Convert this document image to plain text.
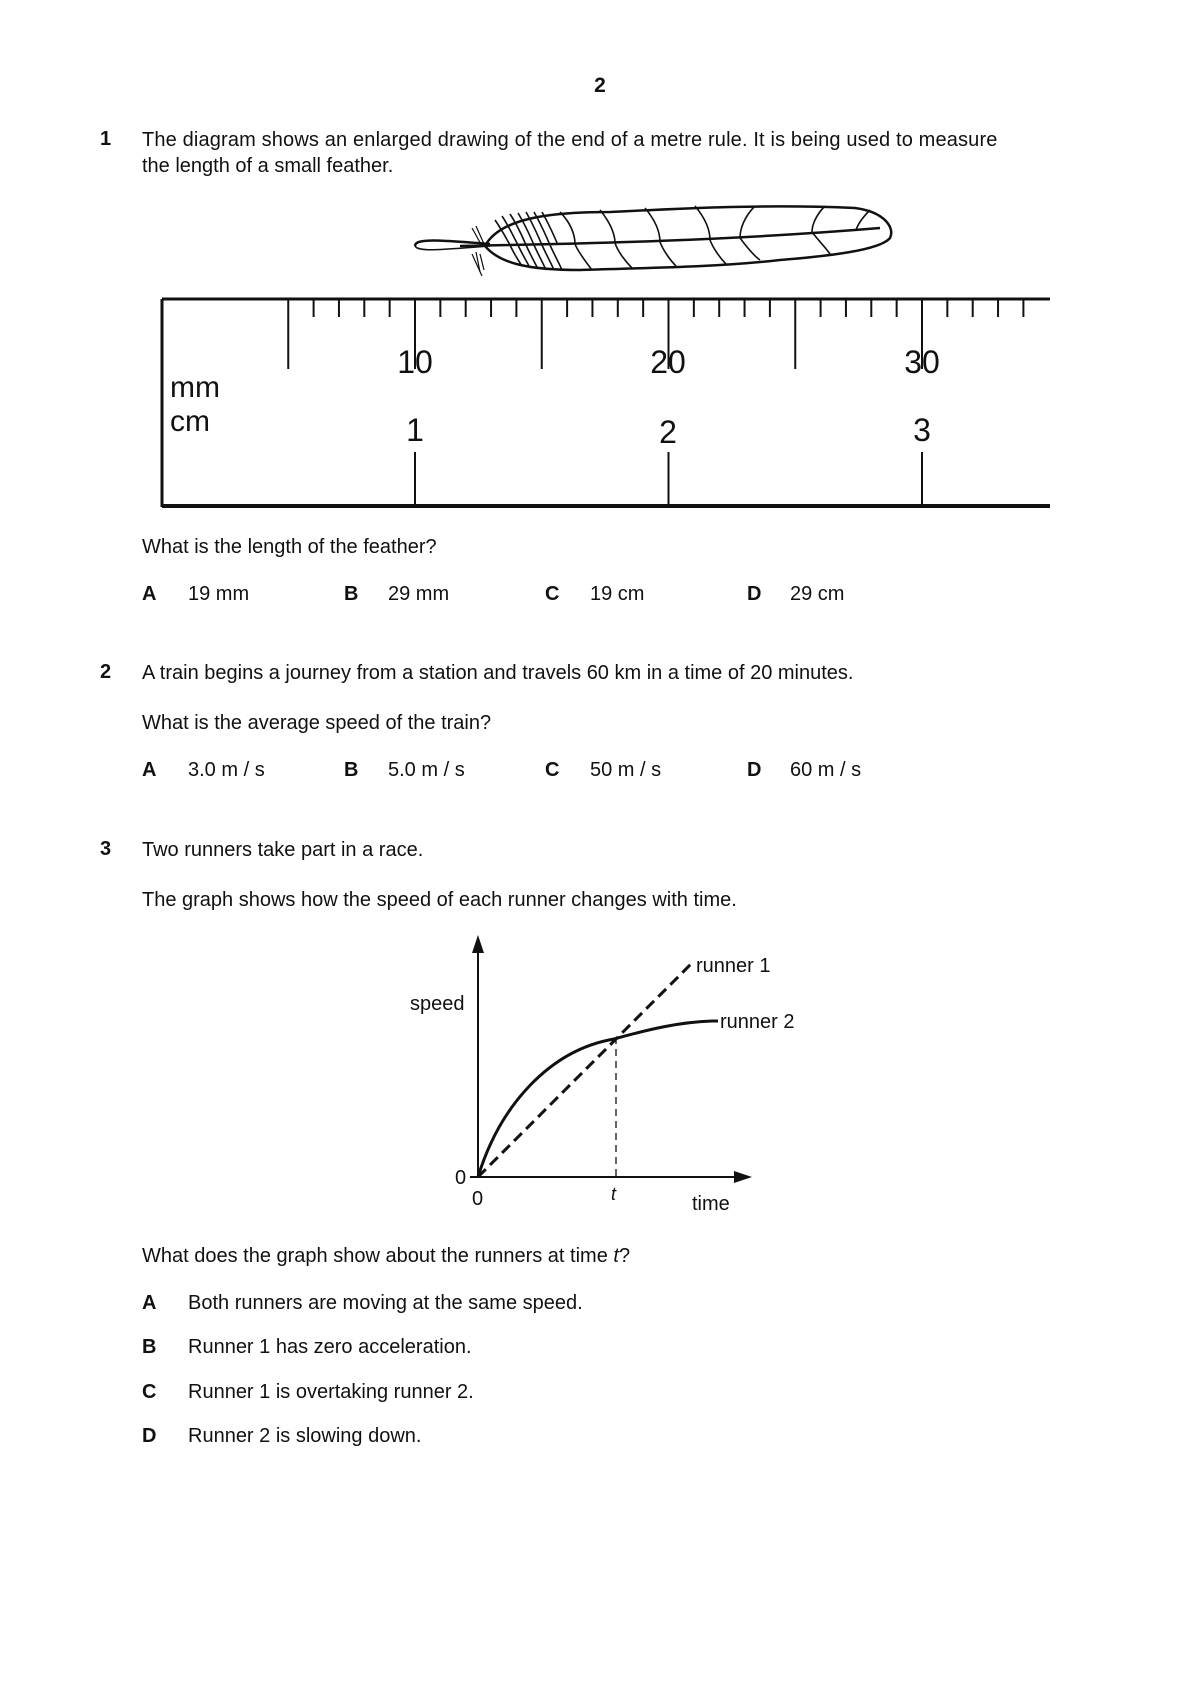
2
1 The diagram shows an enlarged drawing of the end of a metre rule. It is being used to measure
the length of a small feather.
mm
cm
10	20	30
1	2	3
What is the length of the feather?
A 19 mm	B 29 mm	C 19 cm	D 29 cm
2 A train begins a journey from a station and travels 60 km in a time of 20 minutes.
What is the average speed of the train?
A 3.0 m / s	B 5.0 m / s	C 50 m / s	D 60 m / s
3 Two runners take part in a race.
The graph shows how the speed of each runner changes with time.
speed
time
0
0	t
runner 1
runner 2
What does the graph show about the runners at time t?
A Both runners are moving at the same speed.
B Runner 1 has zero acceleration.
C Runner 1 is overtaking runner 2.
D Runner 2 is slowing down.
